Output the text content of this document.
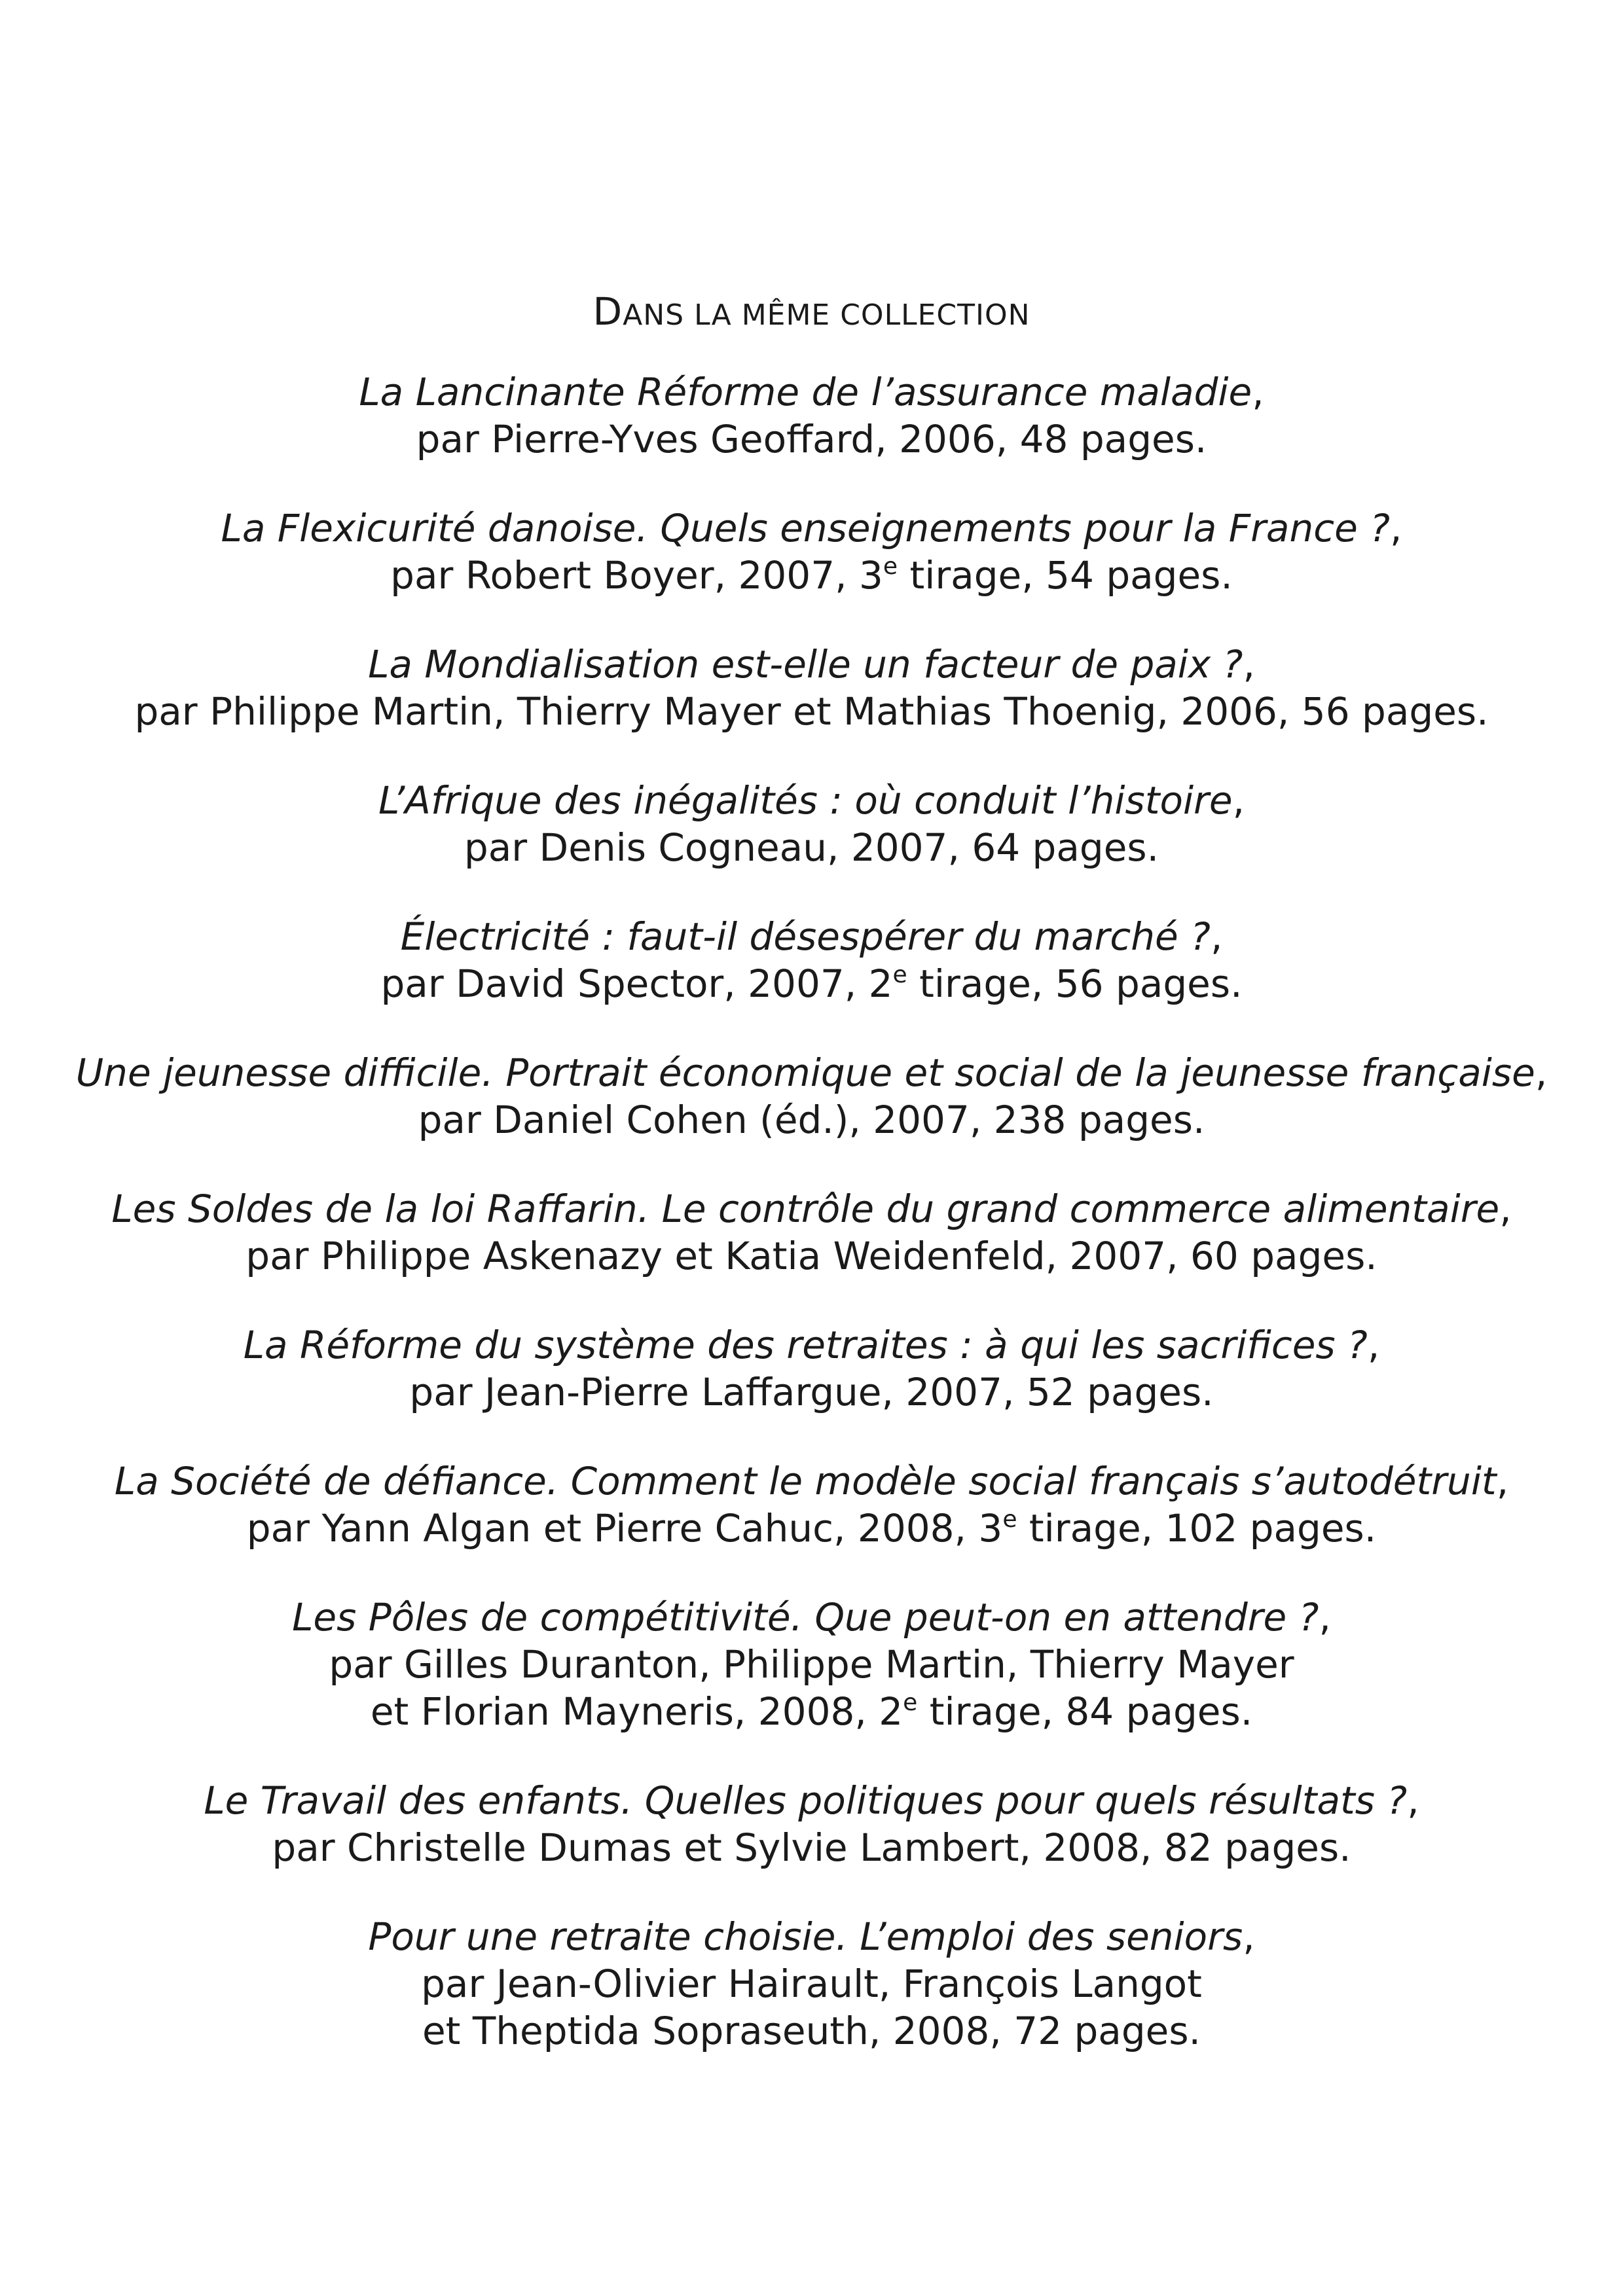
DANS LA MÊME COLLECTION
La Lancinante Réforme de l’assurance maladie,
par Pierre-Yves Geoffard, 2006, 48 pages.
La Flexicurité danoise. Quels enseignements pour la France ?,
par Robert Boyer, 2007, 3e tirage, 54 pages.
La Mondialisation est-elle un facteur de paix ?,
par Philippe Martin, Thierry Mayer et Mathias Thoenig, 2006, 56 pages.
L’Afrique des inégalités : où conduit l’histoire,
par Denis Cogneau, 2007, 64 pages.
Électricité : faut-il désespérer du marché ?,
par David Spector, 2007, 2e tirage, 56 pages.
Une jeunesse difficile. Portrait économique et social de la jeunesse française,
par Daniel Cohen (éd.), 2007, 238 pages.
Les Soldes de la loi Raffarin. Le contrôle du grand commerce alimentaire,
par Philippe Askenazy et Katia Weidenfeld, 2007, 60 pages.
La Réforme du système des retraites : à qui les sacrifices ?,
par Jean-Pierre Laffargue, 2007, 52 pages.
La Société de défiance. Comment le modèle social français s’autodétruit,
par Yann Algan et Pierre Cahuc, 2008, 3e tirage, 102 pages.
Les Pôles de compétitivité. Que peut-on en attendre ?,
par Gilles Duranton, Philippe Martin, Thierry Mayer
et Florian Mayneris, 2008, 2e tirage, 84 pages.
Le Travail des enfants. Quelles politiques pour quels résultats ?,
par Christelle Dumas et Sylvie Lambert, 2008, 82 pages.
Pour une retraite choisie. L’emploi des seniors,
par Jean-Olivier Hairault, François Langot
et Theptida Sopraseuth, 2008, 72 pages.
